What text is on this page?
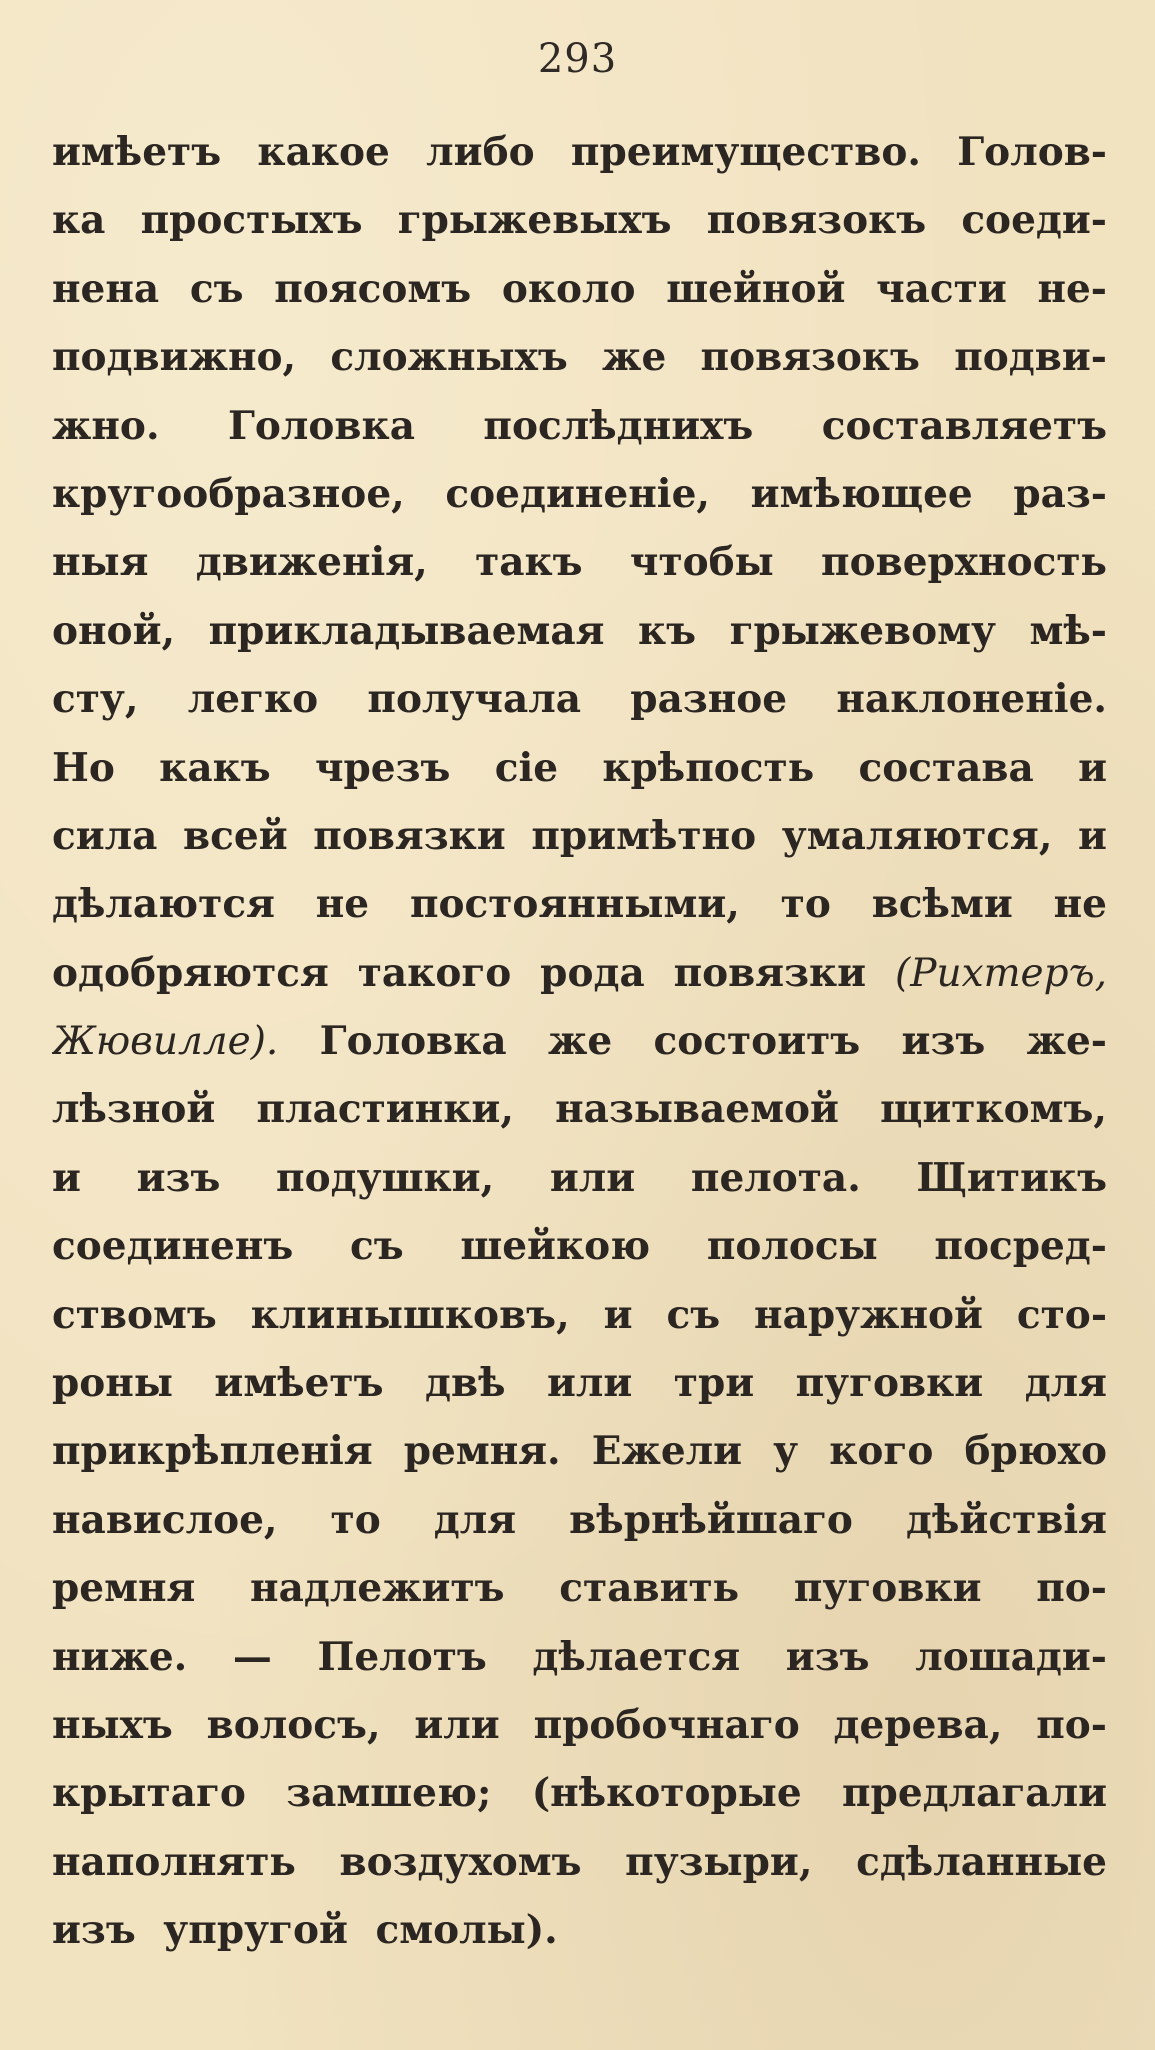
293
имѣетъ какое либо преимущество. Голов-
ка простыхъ грыжевыхъ повязокъ соеди-
нена съ поясомъ около шейной части не-
подвижно, сложныхъ же повязокъ подви-
жно. Головка послѣднихъ составляетъ
кругообразное, соединеніе, имѣющее раз-
ныя движенія, такъ чтобы поверхность
оной, прикладываемая къ грыжевому мѣ-
сту, легко получала разное наклоненіе.
Но какъ чрезъ сіе крѣпость состава и
сила всей повязки примѣтно умаляются, и
дѣлаются не постоянными, то всѣми не
одобряются такого рода повязки (Рихтеръ,
Жювилле). Головка же состоитъ изъ же-
лѣзной пластинки, называемой щиткомъ,
и изъ подушки, или пелота. Щитикъ
соединенъ съ шейкою полосы посред-
ствомъ клинышковъ, и съ наружной сто-
роны имѣетъ двѣ или три пуговки для
прикрѣпленія ремня. Ежели у кого брюхо
навислое, то для вѣрнѣйшаго дѣйствія
ремня надлежитъ ставить пуговки по-
ниже. — Пелотъ дѣлается изъ лошади-
ныхъ волосъ, или пробочнаго дерева, по-
крытаго замшею; (нѣкоторые предлагали
наполнять воздухомъ пузыри, сдѣланные
изъ упругой смолы).
